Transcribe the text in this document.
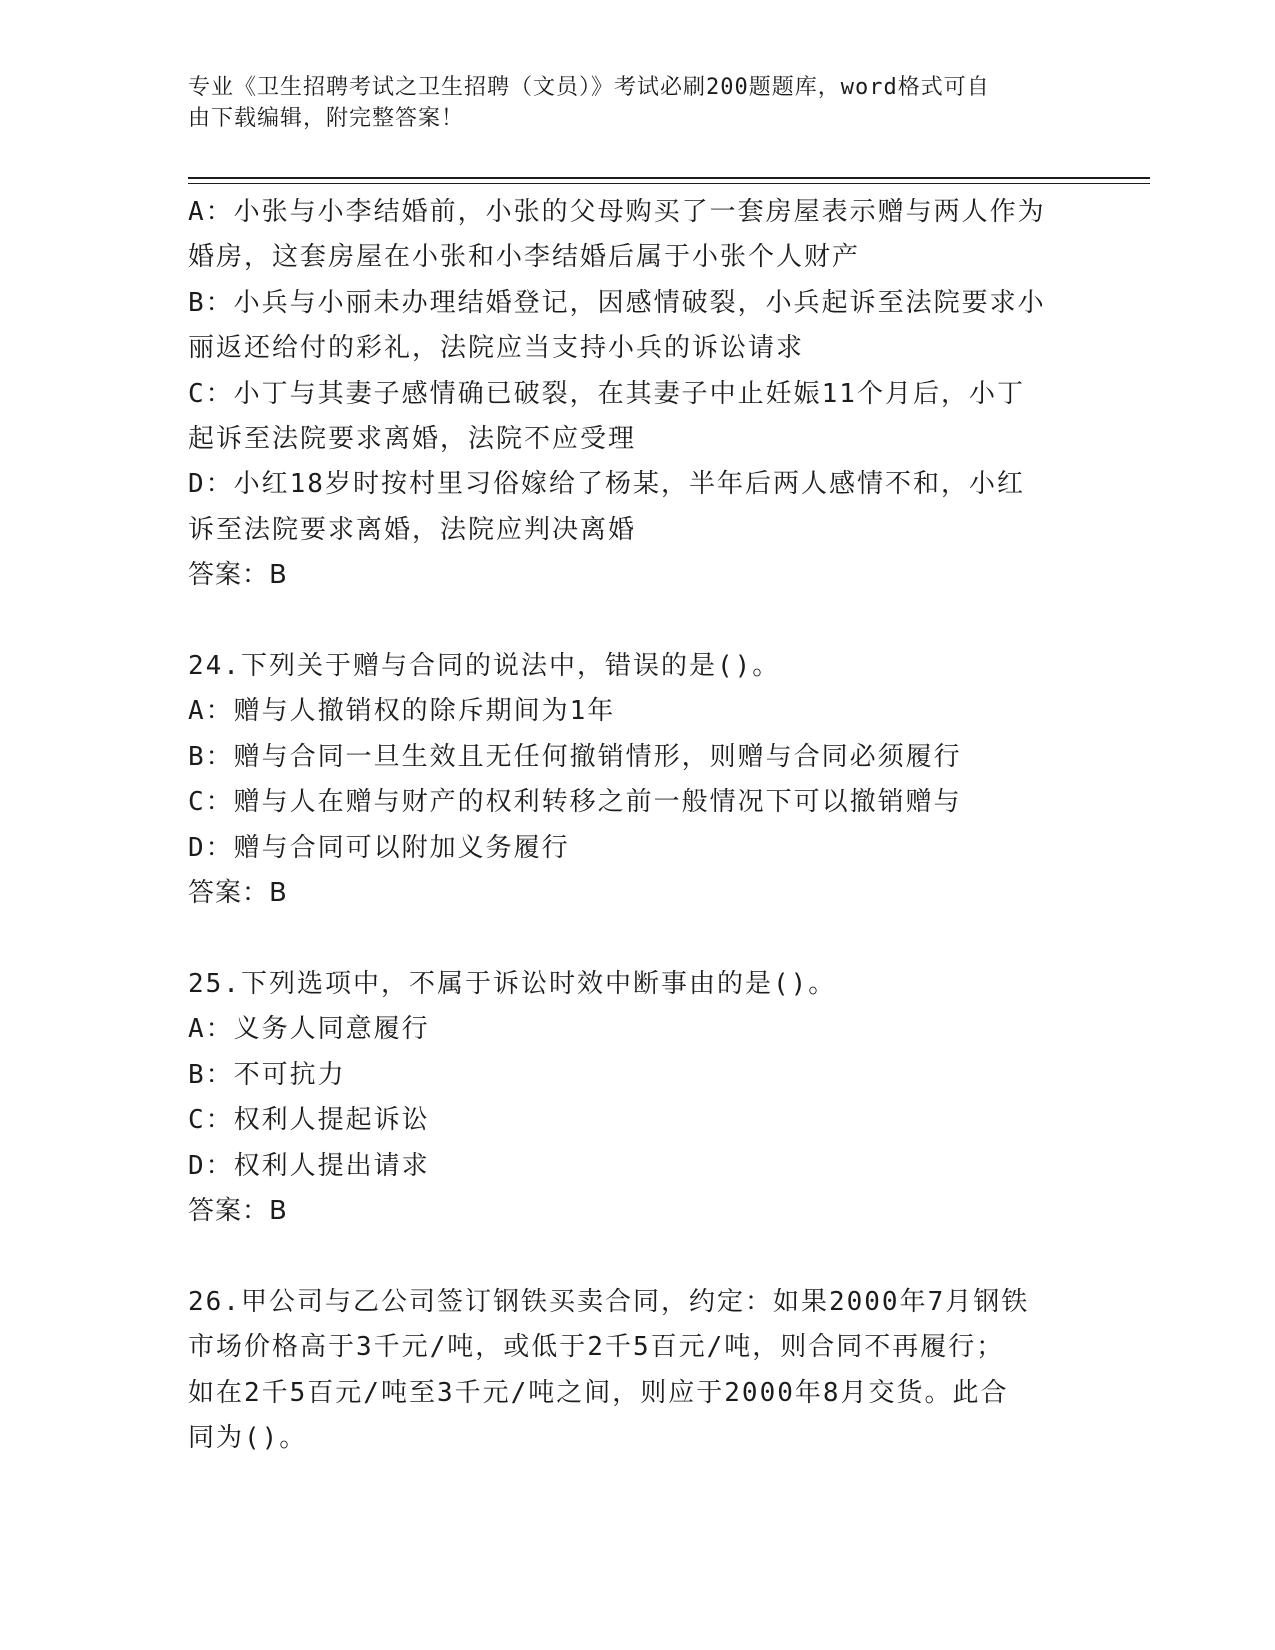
专业《卫生招聘考试之卫生招聘（文员）》考试必刷200题题库，word格式可自
由下载编辑，附完整答案！
A：小张与小李结婚前，小张的父母购买了一套房屋表示赠与两人作为
婚房，这套房屋在小张和小李结婚后属于小张个人财产
B：小兵与小丽未办理结婚登记，因感情破裂，小兵起诉至法院要求小
丽返还给付的彩礼，法院应当支持小兵的诉讼请求
C：小丁与其妻子感情确已破裂，在其妻子中止妊娠11个月后，小丁
起诉至法院要求离婚，法院不应受理
D：小红18岁时按村里习俗嫁给了杨某，半年后两人感情不和，小红
诉至法院要求离婚，法院应判决离婚
答案：B
24.下列关于赠与合同的说法中，错误的是()。
A：赠与人撤销权的除斥期间为1年
B：赠与合同一旦生效且无任何撤销情形，则赠与合同必须履行
C：赠与人在赠与财产的权利转移之前一般情况下可以撤销赠与
D：赠与合同可以附加义务履行
答案：B
25.下列选项中，不属于诉讼时效中断事由的是()。
A：义务人同意履行
B：不可抗力
C：权利人提起诉讼
D：权利人提出请求
答案：B
26.甲公司与乙公司签订钢铁买卖合同，约定：如果2000年7月钢铁
市场价格高于3千元/吨，或低于2千5百元/吨，则合同不再履行；
如在2千5百元/吨至3千元/吨之间，则应于2000年8月交货。此合
同为()。
